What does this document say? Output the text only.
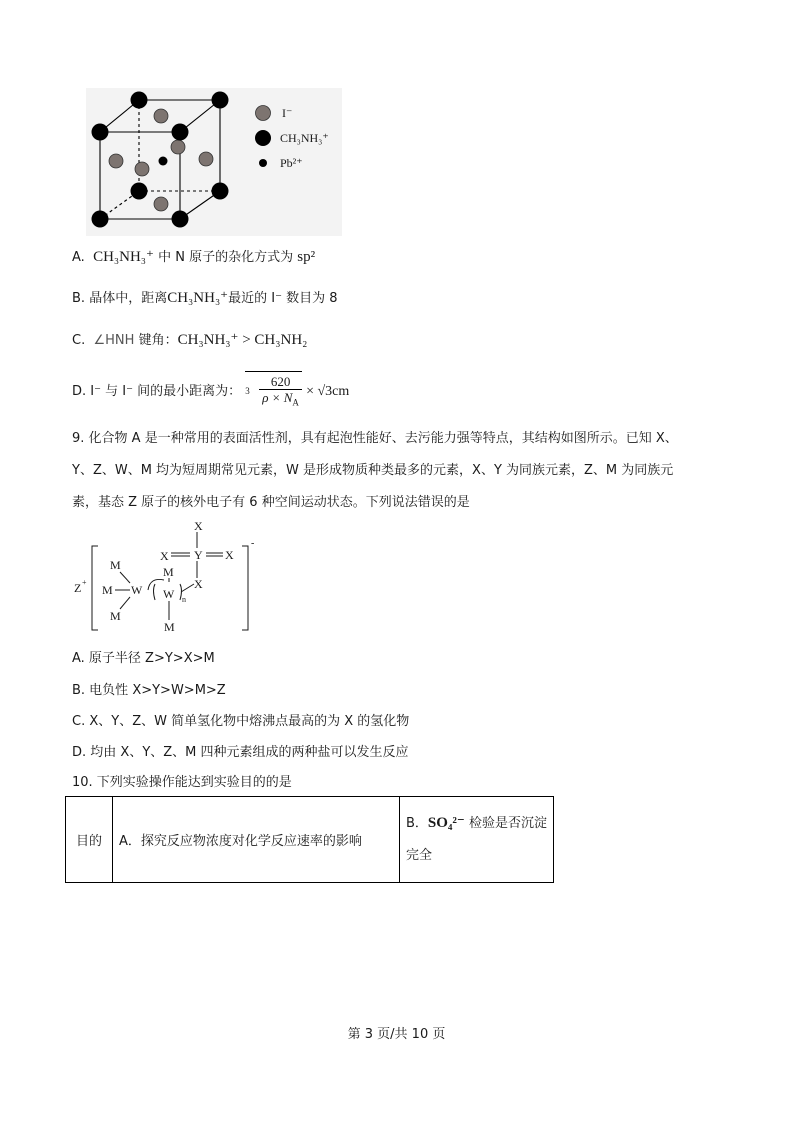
I⁻
CH₃NH₃⁺
Pb²⁺
A. CH₃NH₃⁺ 中 N 原子的杂化方式为 sp²
B. 晶体中，距离CH₃NH₃⁺最近的 I⁻ 数目为 8
C. ∠HNH 键角：CH₃NH₃⁺ > CH₃NH₂
D. I⁻ 与 I⁻ 间的最小距离为： $3 \frac{620}{\rho \times N_A} \times √3cm$
9. 化合物 A 是一种常用的表面活性剂，具有起泡性能好、去污能力强等特点，其结构如图所示。已知 X、
Y、Z、W、M 均为短周期常见元素，W 是形成物质种类最多的元素，X、Y 为同族元素，Z、M 为同族元
素，基态 Z 原子的核外电子有 6 种空间运动状态。下列说法错误的是
Z +
M
M
M
W
M
W
M
n
X
X
Y X
X
-
A. 原子半径 Z>Y>X>M
B. 电负性 X>Y>W>M>Z
C. X、Y、Z、W 简单氢化物中熔沸点最高的为 X 的氢化物
D. 均由 X、Y、Z、M 四种元素组成的两种盐可以发生反应
10. 下列实验操作能达到实验目的的是
目的	A．探究反应物浓度对化学反应速率的影响	B．SO₄²⁻ 检验是否沉淀
完全
第 3 页/共 10 页
